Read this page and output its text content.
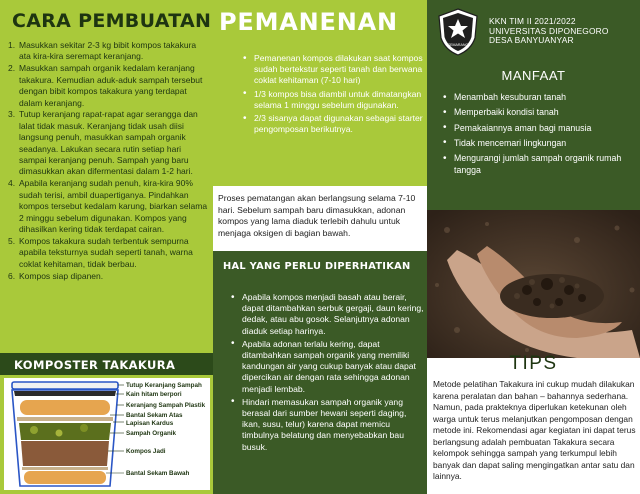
CARA PEMBUATAN
1. Masukkan sekitar 2-3 kg bibit kompos takakura ata kira-kira seremapt keranjang.
2. Masukkan sampah organik kedalam keranjang takakura. Kemudian aduk-aduk sampah tersebut dengan bibit kompos takakura yang terdapat dalam keranjang.
3. Tutup keranjang rapat-rapat agar serangga dan lalat tidak masuk. Keranjang tidak usah diisi langsung penuh, masukkan sampah organik seadanya. Lakukan secara rutin setiap hari sampai keranjang penuh. Sampah yang baru dimasukkan akan difermentasi dalam 1-2 hari.
4. Apabila keranjang sudah penuh, kira-kira 90% sudah terisi, ambil duapertiganya. Pindahkan kompos tersebut kedalam karung, biarkan selama 2 minggu sebelum digunakan. Kompos yang dihasilkan kering tidak terdapat cairan.
5. Kompos takakura sudah terbentuk sempurna apabila teksturnya sudah seperti tanah, warna coklat kehitaman, tidak berbau.
6. Kompos siap dipanen.
KOMPOSTER TAKAKURA
Tutup Keranjang Sampah
Kain hitam berpori
Keranjang Sampah Plastik
Bantal Sekam Atas
Lapisan Kardus
Sampah Organik
Kompos Jadi
Bantal Sekam Bawah
PEMANENAN
• Pemanenan kompos dilakukan saat kompos sudah bertekstur seperti tanah dan berwana coklat kehitaman (7-10 hari)
• 1/3 kompos bisa diambil untuk dimatangkan selama 1 minggu sebelum digunakan.
• 2/3 sisanya dapat digunakan sebagai starter pengomposan berikutnya.
Proses pematangan akan berlangsung selama 7-10 hari. Sebelum sampah baru dimasukkan, adonan kompos yang lama diaduk terlebih dahulu untuk menjaga oksigen di bagian bawah.
HAL YANG PERLU DIPERHATIKAN
• Apabila kompos menjadi basah atau berair, dapat ditambahkan serbuk gergaji, daun kering, dedak, atau abu gosok. Selanjutnya adonan diaduk setiap harinya.
• Apabila adonan terlalu kering, dapat ditambahkan sampah organik yang memiliki kandungan air yang cukup banyak atau dapat dipercikan air dengan rata sehingga adonan menjadi lembab.
• Hindari memasukan sampah organik yang berasal dari sumber hewani seperti daging, ikan, susu, telur) karena dapat memicu timbulnya belatung dan menyebabkan bau busuk.
SEMARANG
KKN TIM II 2021/2022
UNIVERSITAS DIPONEGORO
DESA BANYUANYAR
MANFAAT
• Menambah kesuburan tanah
• Memperbaiki kondisi tanah
• Pemakaiannya aman bagi manusia
• Tidak mencemari lingkungan
• Mengurangi jumlah sampah organik rumah tangga
TIPS
Metode pelatihan Takakura ini cukup mudah dilakukan karena peralatan dan bahan – bahannya sederhana. Namun, pada prakteknya diperlukan ketekunan oleh warga untuk terus melanjutkan pengomposan dengan metode ini. Rekomendasi agar kegiatan ini dapat terus berlangsung adalah pembuatan Takakura secara kelompok sehingga sampah yang terkumpul lebih banyak dan dapat saling mengingatkan antar satu dan lainnya.
